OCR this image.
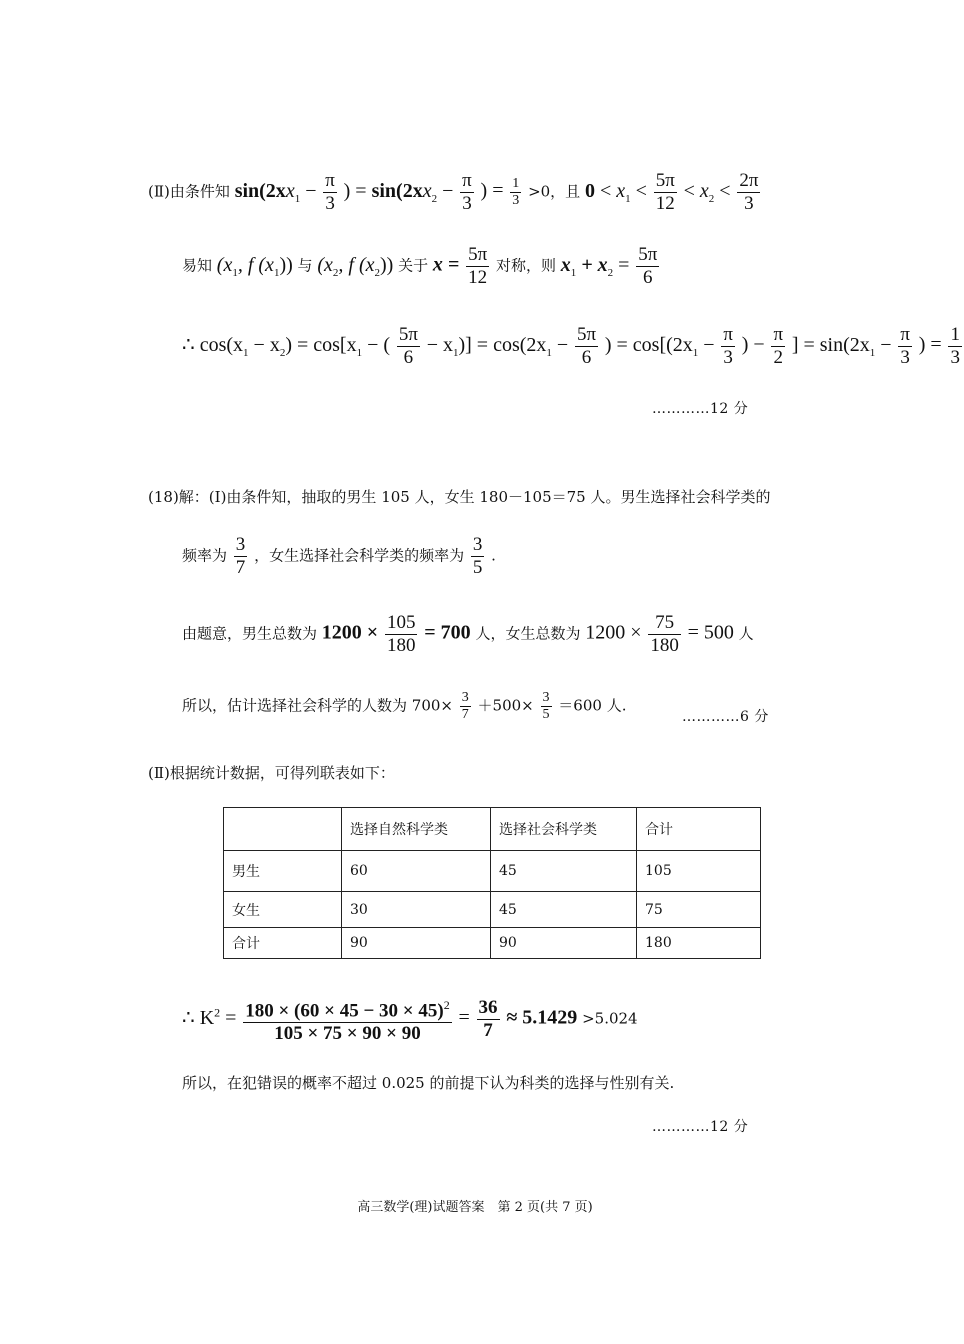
(Ⅱ)由条件知 $\sin(2xx_1 - \frac{\pi}{3}$ ) = $\sin(2xx_2 - \frac{\pi}{3}$ ) = $\frac{1}{3} >0$，且 $0 < x_1 < \frac{5\pi}{12} < x_2 < \frac{2\pi}{3}$
易知 ($x_1$, f $(x_1)$) 与 ($x_2$, f $(x_2)$) 关于 $x = \frac{5\pi}{12}$ 对称，则 $x_1 + x_2 = \frac{5\pi}{6}$
∴ $\cos(x_1 - x_2) = \cos[x_1$ − ( $\frac{5\pi}{6} - x_1)] = \cos(2x_1 - \frac{5\pi}{6}$ ) = $\cos[(2x_1 - \frac{\pi}{3}$ ) − $\frac{\pi}{2}$ ] = $\sin(2x_1 - \frac{\pi}{3}$ ) = $\frac{1}{3}$
…………12 分
(18)解：(Ⅰ)由条件知，抽取的男生 105 人，女生 180－105＝75 人。男生选择社会科学类的
频率为 $\frac{3}{7}$ ，女生选择社会科学类的频率为 $\frac{3}{5}$ .
由题意，男生总数为 $1200 \times \frac{105}{180} = 700$ 人，女生总数为 $1200 \times \frac{75}{180} = 500$ 人
所以，估计选择社会科学的人数为 $700\times \frac{3}{7} +500\times \frac{3}{5} =600$ 人.
…………6 分
(Ⅱ)根据统计数据，可得列联表如下：
	选择自然科学类	选择社会科学类	合计
男生	60	45	105
女生	30	45	75
合计	90	90	180
∴ $K^2 = \frac{180 \times (60 \times 45 - 30 \times 45)^2}{105 \times 75 \times 90 \times 90} = \frac{36}{7} \approx 5.1429 >5.024$
所以，在犯错误的概率不超过 0.025 的前提下认为科类的选择与性别有关.
…………12 分
高三数学(理)试题答案　第 2 页(共 7 页)
